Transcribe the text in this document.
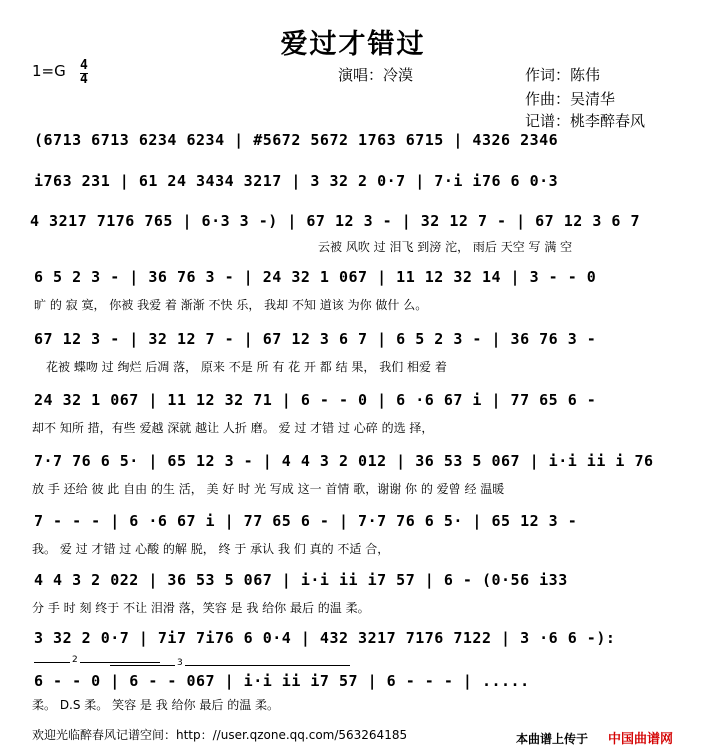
爱过才错过
1=G 4
4	演唱：冷漠	作词：陈伟
作曲：吴清华
记谱：桃李醉春风
(6713 6713 6234 6234 | #5672 5672 1763 6715 | 4326 2346
i763 231 | 61 24 3434 3217 | 3 32 2 0·7 | 7·i i76 6 0·3
4 3217 7176 765 | 6·3 3 -) | 67 12 3 - | 32 12 7 - | 67 12 3 6 7
云被 风吹 过 泪飞 到滂 沱， 雨后 天空 写 满 空
6 5 2 3 - | 36 76 3 - | 24 32 1 067 | 11 12 32 14 | 3 - - 0
旷 的 寂 寞， 你被 我爱 着 渐渐 不快 乐， 我却 不知 道该 为你 做什 么。
67 12 3 - | 32 12 7 - | 67 12 3 6 7 | 6 5 2 3 - | 36 76 3 -
花被 蝶吻 过 绚烂 后凋 落， 原来 不是 所 有 花 开 都 结 果， 我们 相爱 着
24 32 1 067 | 11 12 32 71 | 6 - - 0 | 6 ·6 67 i | 77 65 6 -
却不 知所 措，有些 爱越 深就 越让 人折 磨。 爱 过 才错 过 心碎 的选 择，
7·7 76 6 5· | 65 12 3 - | 4 4 3 2 012 | 36 53 5 067 | i·i ii i 76
放 手 还给 彼 此 自由 的生 活， 美 好 时 光 写成 这一 首情 歌，谢谢 你 的 爱曾 经 温暖
7 - - - | 6 ·6 67 i | 77 65 6 - | 7·7 76 6 5· | 65 12 3 -
我。 爱 过 才错 过 心酸 的解 脱， 终 于 承认 我 们 真的 不适 合，
4 4 3 2 022 | 36 53 5 067 | i·i ii i7 57 | 6 - (0·56 i33
分 手 时 刻 终于 不让 泪滑 落，笑容 是 我 给你 最后 的温 柔。
3 32 2 0·7 | 7i7 7i76 6 0·4 | 432 3217 7176 7122 | 3 ·6 6 -):
2	3
6 - - 0 | 6 - - 067 | i·i ii i7 57 | 6 - - - | .....
柔。 D.S 柔。 笑容 是 我 给你 最后 的温 柔。
欢迎光临醉春风记谱空间：http：//user.qzone.qq.com/563264185	本曲谱上传于 中国曲谱网
